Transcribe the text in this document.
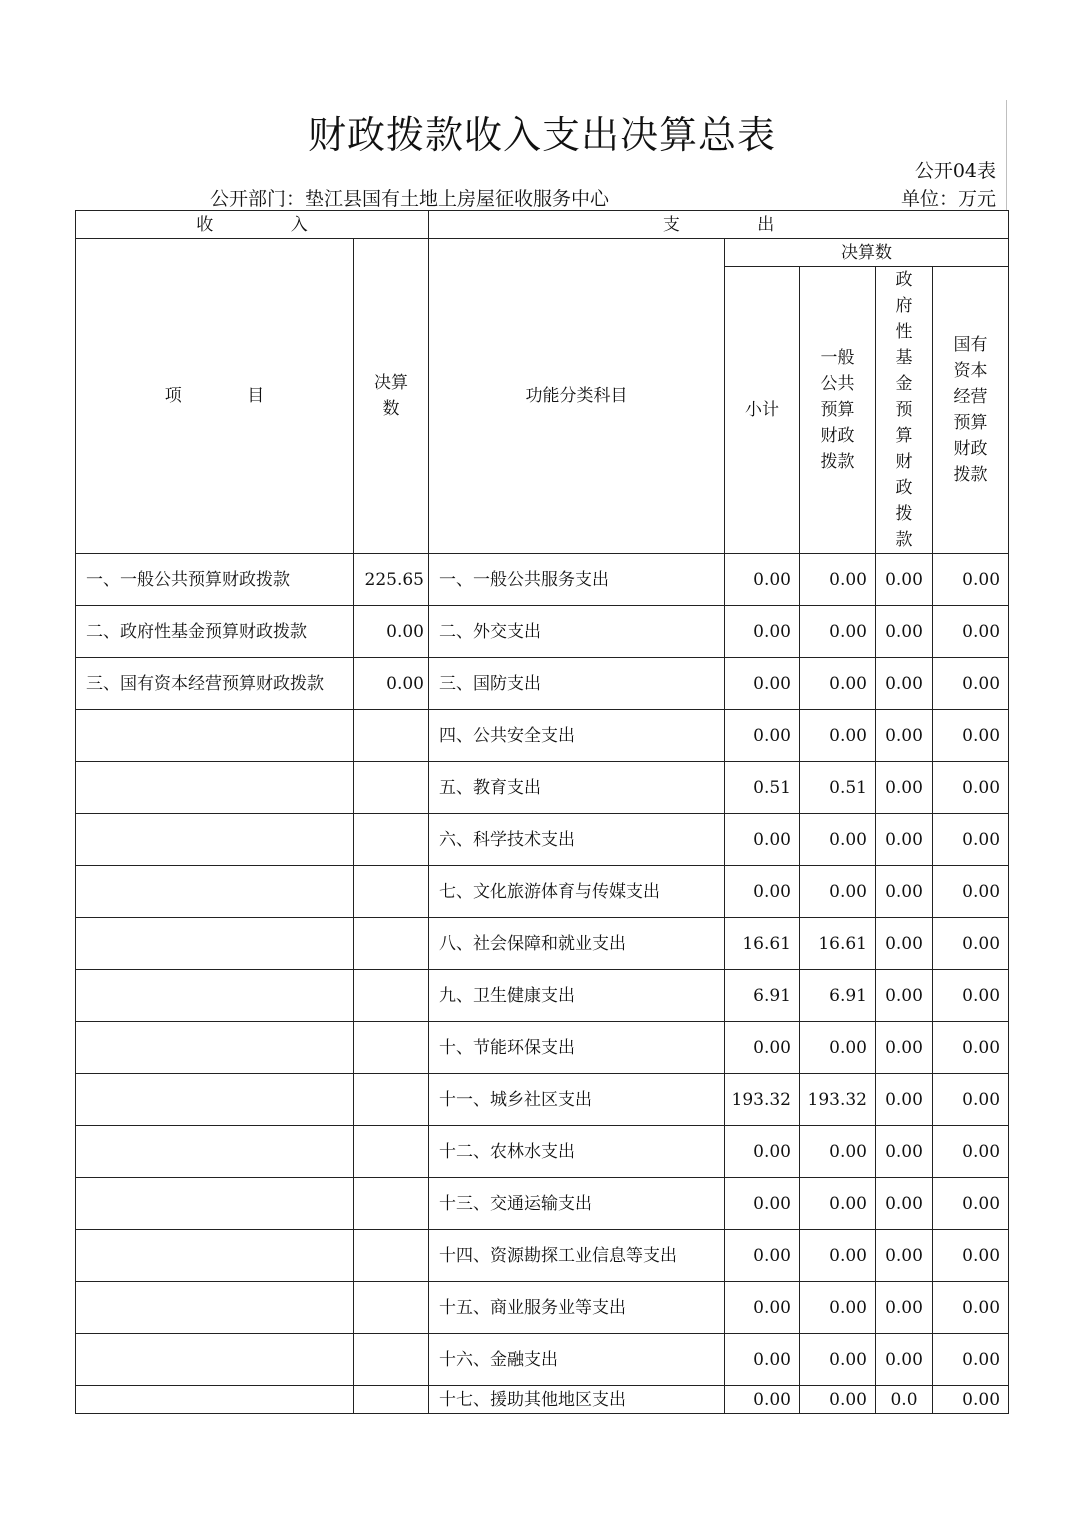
财政拨款收入支出决算总表
公开04表
公开部门：垫江县国有土地上房屋征收服务中心	单位：万元
收 入		支 出				
项 目	决算数	功能分类科目	决算数			
			小计	一般公共预算财政拨款	政府性基金预算财政拨款	国有资本经营预算财政拨款

一、一般公共预算财政拨款	225.65	一、一般公共服务支出	0.00	0.00	0.00	0.00
二、政府性基金预算财政拨款	0.00	二、外交支出	0.00	0.00	0.00	0.00
三、国有资本经营预算财政拨款	0.00	三、国防支出	0.00	0.00	0.00	0.00
		四、公共安全支出	0.00	0.00	0.00	0.00
		五、教育支出	0.51	0.51	0.00	0.00
		六、科学技术支出	0.00	0.00	0.00	0.00
		七、文化旅游体育与传媒支出	0.00	0.00	0.00	0.00
		八、社会保障和就业支出	16.61	16.61	0.00	0.00
		九、卫生健康支出	6.91	6.91	0.00	0.00
		十、节能环保支出	0.00	0.00	0.00	0.00
		十一、城乡社区支出	193.32	193.32	0.00	0.00
		十二、农林水支出	0.00	0.00	0.00	0.00
		十三、交通运输支出	0.00	0.00	0.00	0.00
		十四、资源勘探工业信息等支出	0.00	0.00	0.00	0.00
		十五、商业服务业等支出	0.00	0.00	0.00	0.00
		十六、金融支出	0.00	0.00	0.00	0.00
		十七、援助其他地区支出	0.00	0.00	0.0	0.00
